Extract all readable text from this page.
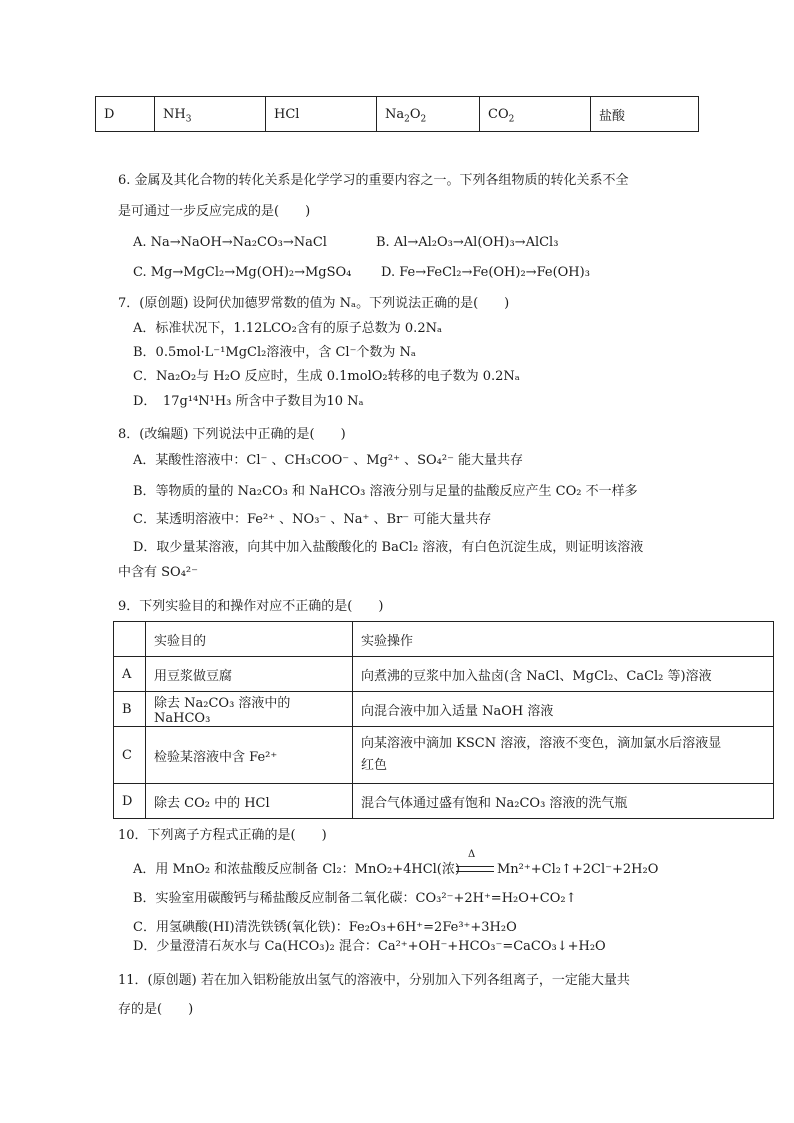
D	$NH_3$	HCl	$Na_2O_2$	$CO_2$	盐酸
6. 金属及其化合物的转化关系是化学学习的重要内容之一。下列各组物质的转化关系不全
是可通过一步反应完成的是(　　)
A. Na→NaOH→Na₂CO₃→NaCl	B. Al→Al₂O₃→Al(OH)₃→AlCl₃
C. Mg→MgCl₂→Mg(OH)₂→MgSO₄ D. Fe→FeCl₂→Fe(OH)₂→Fe(OH)₃
7．(原创题) 设阿伏加德罗常数的值为 Nₐ。下列说法正确的是(　　)
A．标准状况下，1.12LCO₂含有的原子总数为 0.2Nₐ
B．0.5mol·L⁻¹MgCl₂溶液中，含 Cl⁻个数为 Nₐ
C．Na₂O₂与 H₂O 反应时，生成 0.1molO₂转移的电子数为 0.2Nₐ
D．　17g¹⁴N¹H₃ 所含中子数目为10 Nₐ
8．(改编题) 下列说法中正确的是(　　)
A．某酸性溶液中：Cl⁻ 、CH₃COO⁻ 、Mg²⁺ 、SO₄²⁻ 能大量共存
B．等物质的量的 Na₂CO₃ 和 NaHCO₃ 溶液分别与足量的盐酸反应产生 CO₂ 不一样多
C．某透明溶液中：Fe²⁺ 、NO₃⁻ 、Na⁺ 、Br⁻ 可能大量共存
D．取少量某溶液，向其中加入盐酸酸化的 BaCl₂ 溶液，有白色沉淀生成，则证明该溶液
中含有 SO₄²⁻
9．下列实验目的和操作对应不正确的是(　　)
	实验目的	实验操作
A	用豆浆做豆腐	向煮沸的豆浆中加入盐卤(含 NaCl、MgCl₂、CaCl₂ 等)溶液
B	除去 Na₂CO₃ 溶液中的 NaHCO₃	向混合液中加入适量 NaOH 溶液
C	检验某溶液中含 Fe²⁺	向某溶液中滴加 KSCN 溶液，溶液不变色，滴加氯水后溶液显
红色

D	除去 CO₂ 中的 HCl	混合气体通过盛有饱和 Na₂CO₃ 溶液的洗气瓶
10．下列离子方程式正确的是(　　)
A．用 MnO₂ 和浓盐酸反应制备 Cl₂：MnO₂+4HCl(浓)
Δ
Mn²⁺+Cl₂↑+2Cl⁻+2H₂O
B．实验室用碳酸钙与稀盐酸反应制备二氧化碳：CO₃²⁻+2H⁺=H₂O+CO₂↑
C．用氢碘酸(HI)清洗铁锈(氧化铁)：Fe₂O₃+6H⁺=2Fe³⁺+3H₂O
D．少量澄清石灰水与 Ca(HCO₃)₂ 混合：Ca²⁺+OH⁻+HCO₃⁻=CaCO₃↓+H₂O
11．(原创题) 若在加入铝粉能放出氢气的溶液中，分别加入下列各组离子，一定能大量共
存的是(　　)
